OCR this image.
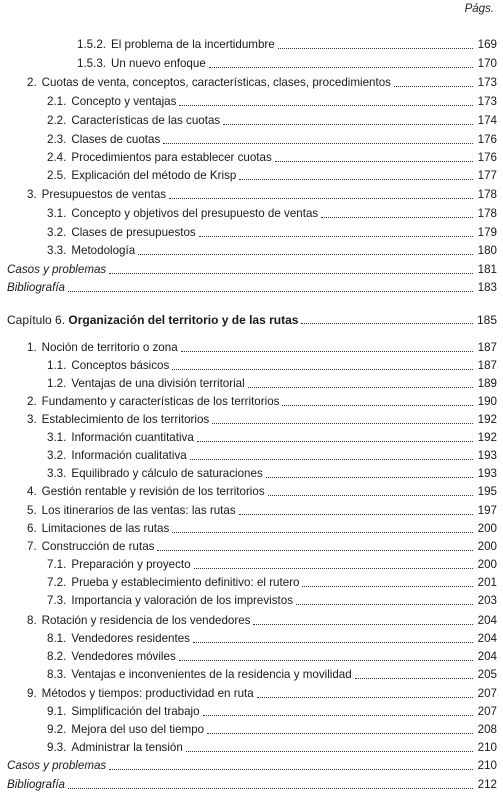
Págs.
1.5.2. El problema de la incertidumbre	169
1.5.3. Un nuevo enfoque	170
2. Cuotas de venta, conceptos, características, clases, procedimientos	173
2.1. Concepto y ventajas	173
2.2. Características de las cuotas	174
2.3. Clases de cuotas	176
2.4. Procedimientos para establecer cuotas	176
2.5. Explicación del método de Krisp	177
3. Presupuestos de ventas	178
3.1. Concepto y objetivos del presupuesto de ventas	178
3.2. Clases de presupuestos	179
3.3. Metodología	180
Casos y problemas	181
Bibliografía	183
Capítulo 6. Organización del territorio y de las rutas	185
1. Noción de territorio o zona	187
1.1. Conceptos básicos	187
1.2. Ventajas de una división territorial	189
2. Fundamento y características de los territorios	190
3. Establecimiento de los territorios	192
3.1. Información cuantitativa	192
3.2. Información cualitativa	193
3.3. Equilibrado y cálculo de saturaciones	193
4. Gestión rentable y revisión de los territorios	195
5. Los itinerarios de las ventas: las rutas	197
6. Limitaciones de las rutas	200
7. Construcción de rutas	200
7.1. Preparación y proyecto	200
7.2. Prueba y establecimiento definitivo: el rutero	201
7.3. Importancia y valoración de los imprevistos	203
8. Rotación y residencia de los vendedores	204
8.1. Vendedores residentes	204
8.2. Vendedores móviles	204
8.3. Ventajas e inconvenientes de la residencia y movilidad	205
9. Métodos y tiempos: productividad en ruta	207
9.1. Simplificación del trabajo	207
9.2. Mejora del uso del tiempo	208
9.3. Administrar la tensión	210
Casos y problemas	210
Bibliografía	212
